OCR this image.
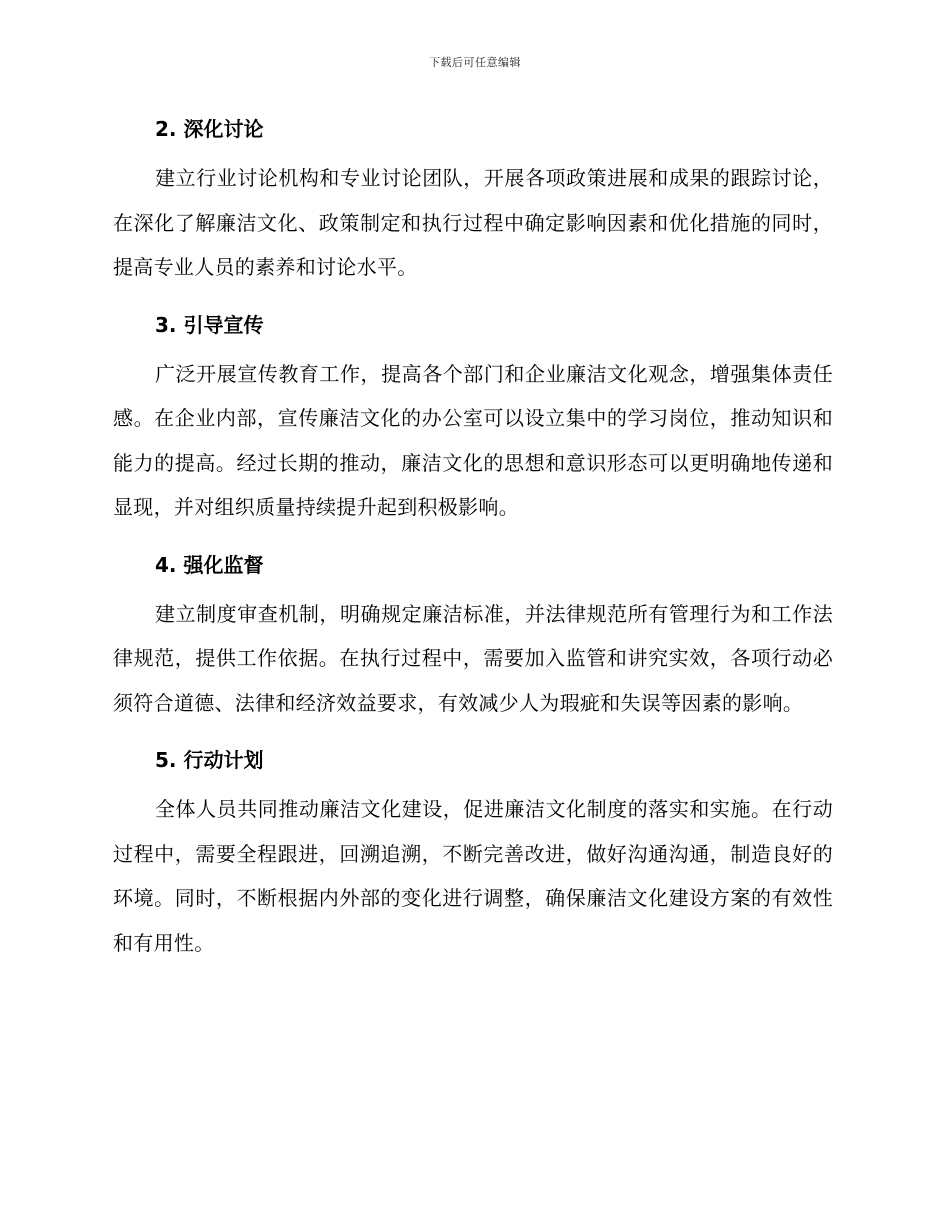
下载后可任意编辑
2. 深化讨论

建立行业讨论机构和专业讨论团队，开展各项政策进展和成果的跟踪讨论，在深化了解廉洁文化、政策制定和执行过程中确定影响因素和优化措施的同时，提高专业人员的素养和讨论水平。

3. 引导宣传

广泛开展宣传教育工作，提高各个部门和企业廉洁文化观念，增强集体责任感。在企业内部，宣传廉洁文化的办公室可以设立集中的学习岗位，推动知识和能力的提高。经过长期的推动，廉洁文化的思想和意识形态可以更明确地传递和显现，并对组织质量持续提升起到积极影响。

4. 强化监督

建立制度审查机制，明确规定廉洁标准，并法律规范所有管理行为和工作法律规范，提供工作依据。在执行过程中，需要加入监管和讲究实效，各项行动必须符合道德、法律和经济效益要求，有效减少人为瑕疵和失误等因素的影响。

5. 行动计划

全体人员共同推动廉洁文化建设，促进廉洁文化制度的落实和实施。在行动过程中，需要全程跟进，回溯追溯，不断完善改进，做好沟通沟通，制造良好的环境。同时，不断根据内外部的变化进行调整，确保廉洁文化建设方案的有效性和有用性。
